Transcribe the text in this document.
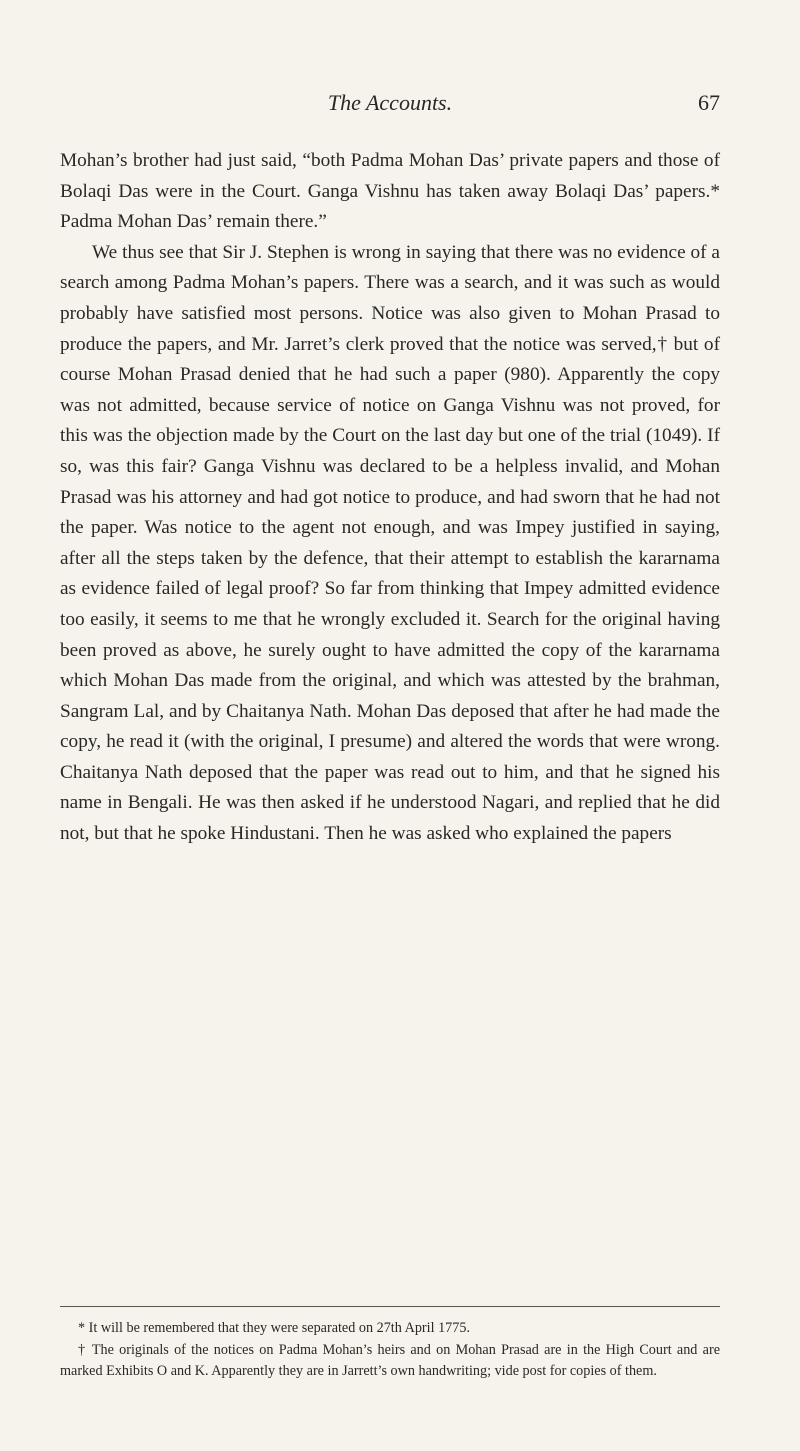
The Accounts.	67

Mohan’s brother had just said, “both Padma Mohan Das’ private papers and those of Bolaqi Das were in the Court. Ganga Vishnu has taken away Bolaqi Das’ papers.* Padma Mohan Das’ remain there.”

We thus see that Sir J. Stephen is wrong in saying that there was no evidence of a search among Padma Mohan’s papers. There was a search, and it was such as would probably have satisfied most persons. Notice was also given to Mohan Prasad to produce the papers, and Mr. Jarret’s clerk proved that the notice was served,† but of course Mohan Prasad denied that he had such a paper (980). Apparently the copy was not admitted, because service of notice on Ganga Vishnu was not proved, for this was the objection made by the Court on the last day but one of the trial (1049). If so, was this fair? Ganga Vishnu was declared to be a helpless invalid, and Mohan Prasad was his attorney and had got notice to produce, and had sworn that he had not the paper. Was notice to the agent not enough, and was Impey justified in saying, after all the steps taken by the defence, that their attempt to establish the kararnama as evidence failed of legal proof? So far from thinking that Impey admitted evidence too easily, it seems to me that he wrongly excluded it. Search for the original having been proved as above, he surely ought to have admitted the copy of the kararnama which Mohan Das made from the original, and which was attested by the brahman, Sangram Lal, and by Chaitanya Nath. Mohan Das deposed that after he had made the copy, he read it (with the original, I presume) and altered the words that were wrong. Chaitanya Nath deposed that the paper was read out to him, and that he signed his name in Bengali. He was then asked if he understood Nagari, and replied that he did not, but that he spoke Hindustani. Then he was asked who explained the papers

* It will be remembered that they were separated on 27th April 1775.

† The originals of the notices on Padma Mohan’s heirs and on Mohan Prasad are in the High Court and are marked Exhibits O and K. Apparently they are in Jarrett’s own handwriting; vide post for copies of them.
